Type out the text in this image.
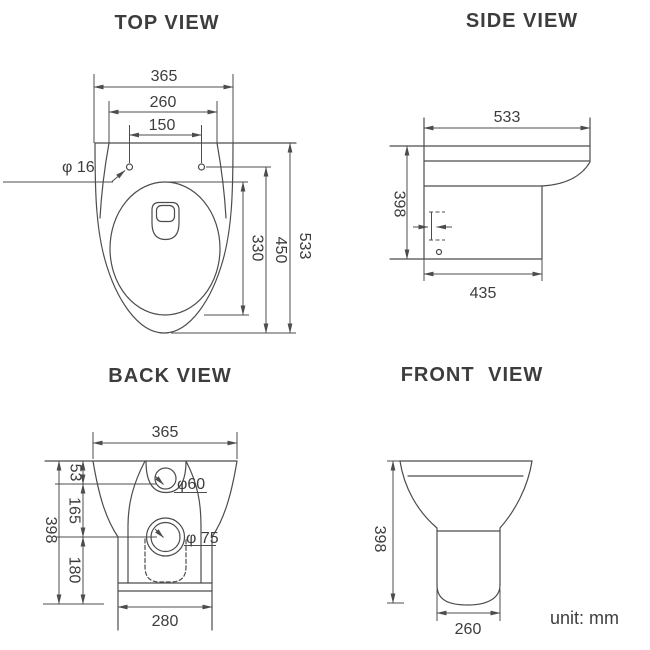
TOP VIEW
365
260
150
φ 16
330 450 533
SIDE VIEW
533
398
435
BACK VIEW
365
53
165
180
398
φ60
φ 75
280
FRONT VIEW
398
260
unit: mm
